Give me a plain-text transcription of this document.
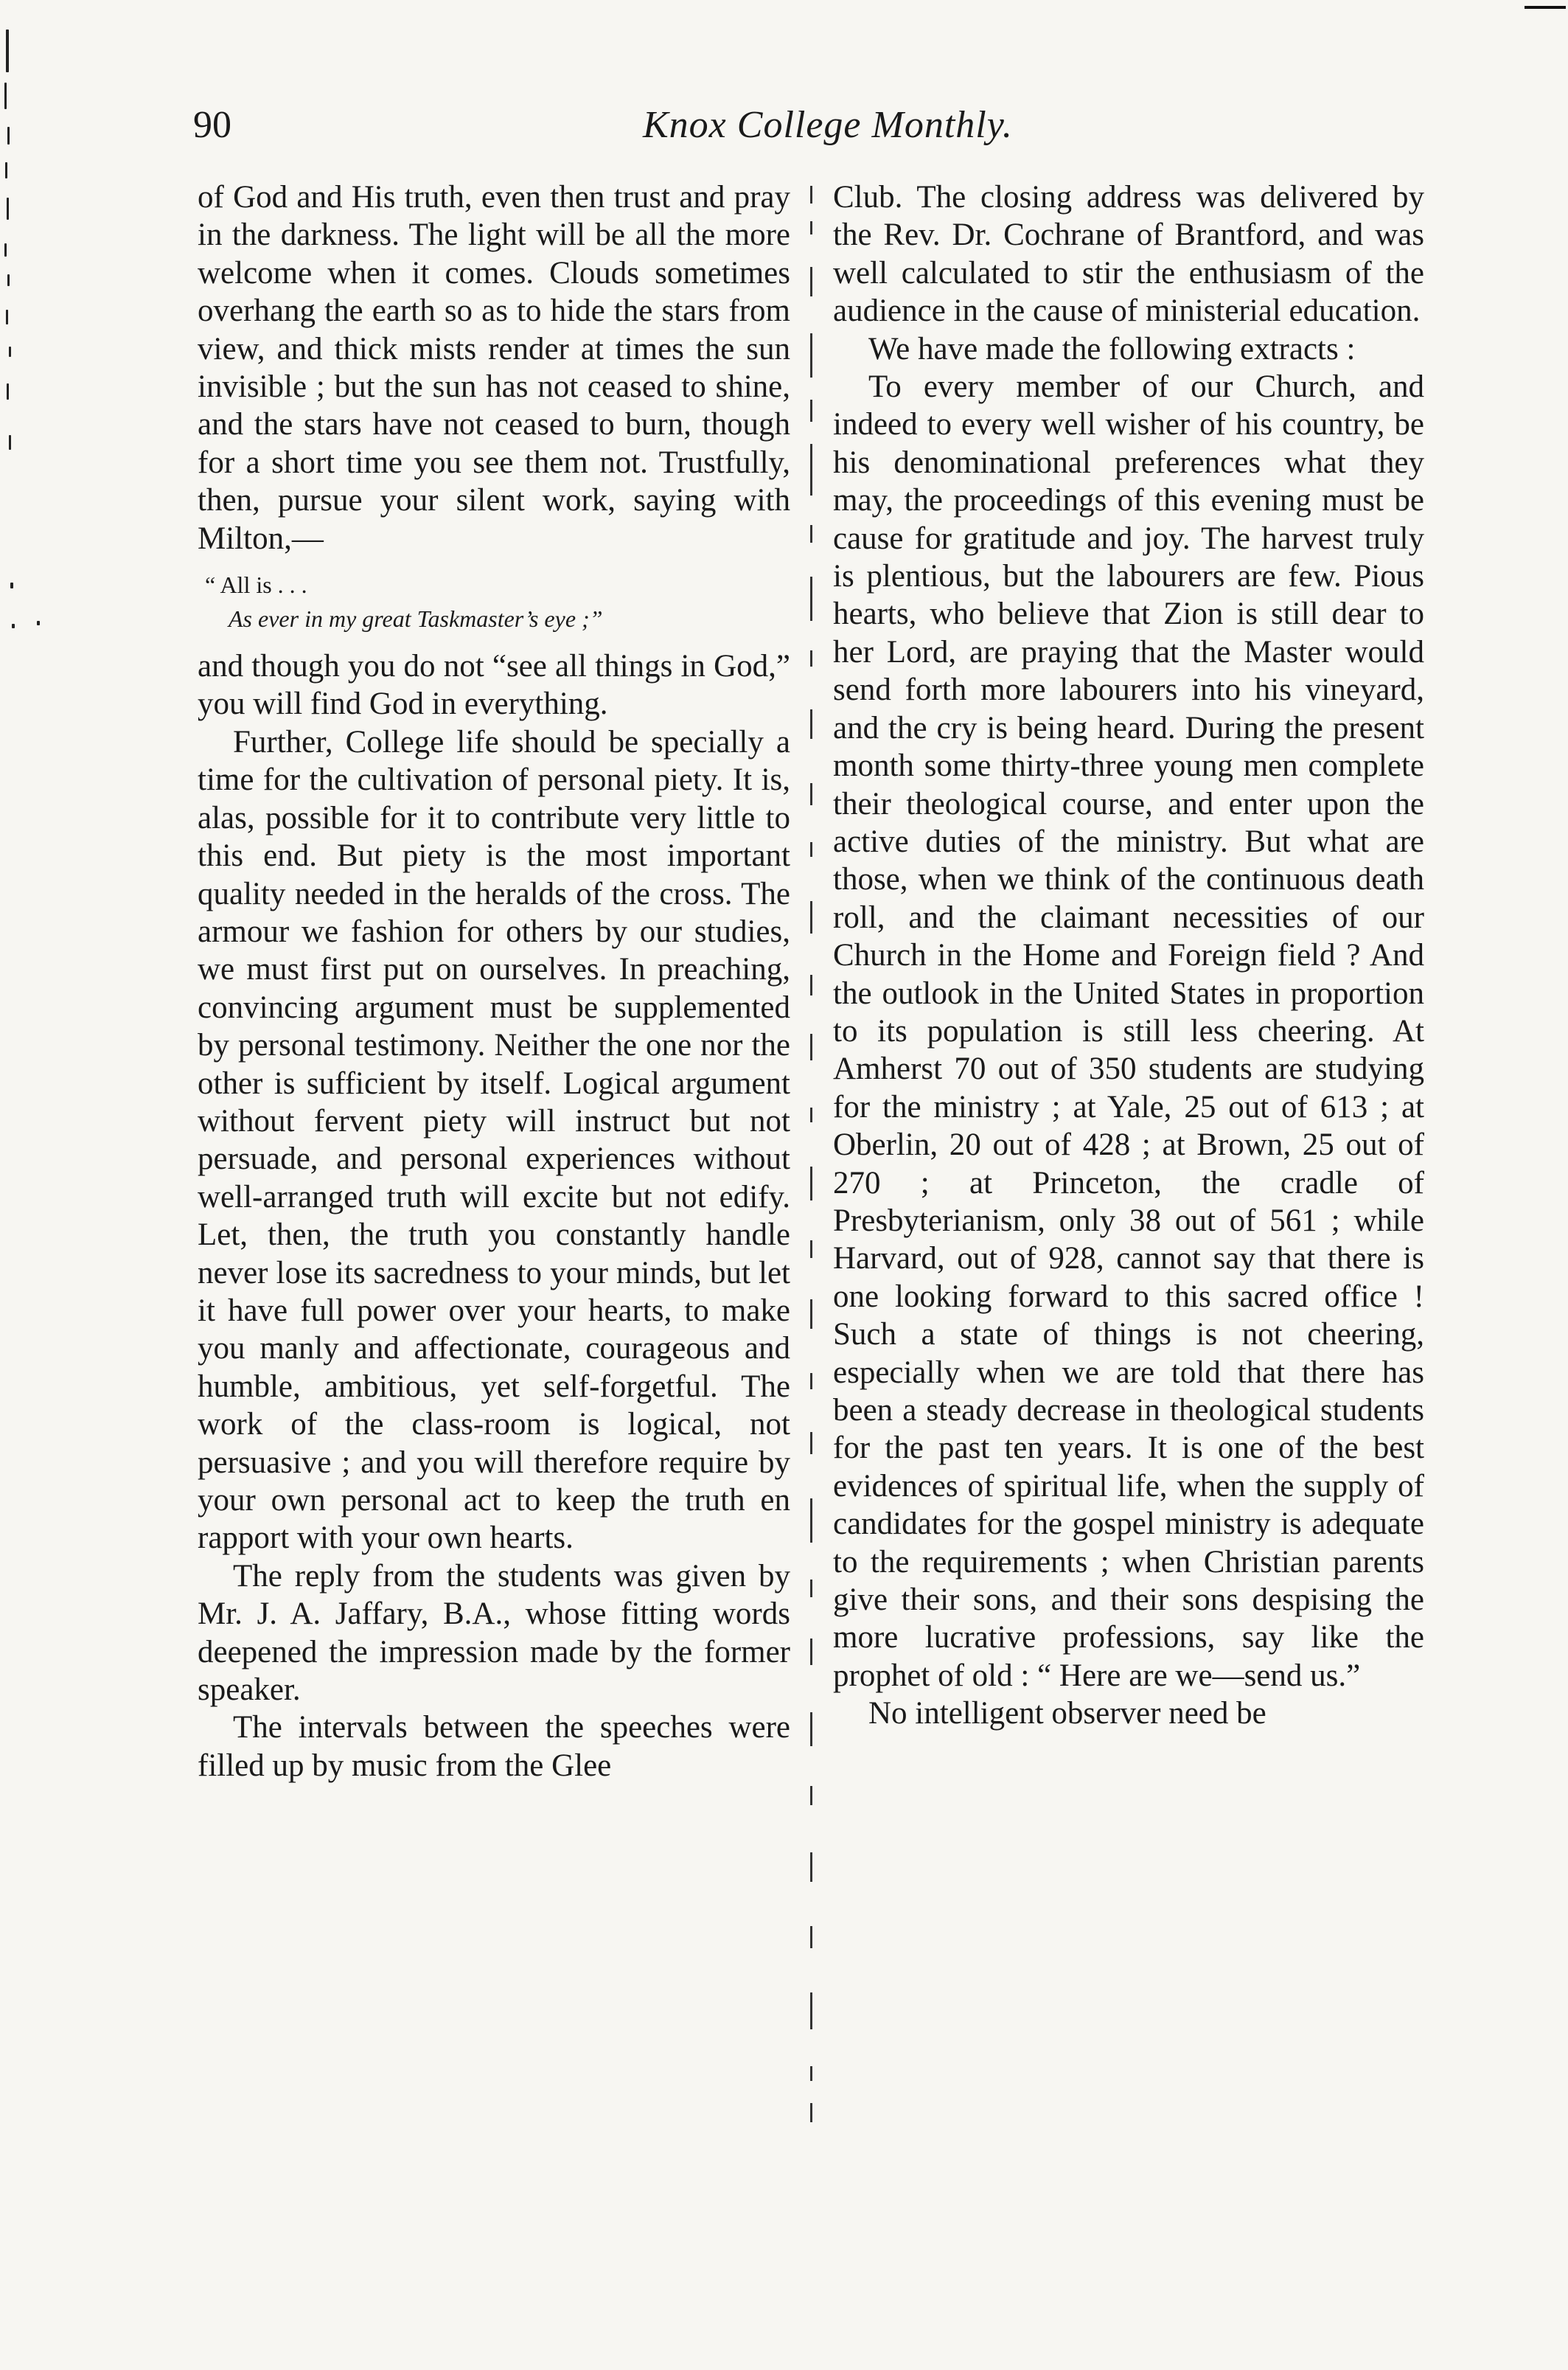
90	Knox College Monthly.

of God and His truth, even then trust and pray in the darkness. The light will be all the more welcome when it comes. Clouds sometimes overhang the earth so as to hide the stars from view, and thick mists render at times the sun invisible ; but the sun has not ceased to shine, and the stars have not ceased to burn, though for a short time you see them not. Trustfully, then, pursue your silent work, saying with Milton,—

“ All is . . .
As ever in my great Taskmaster’s eye ;”

and though you do not “see all things in God,” you will find God in everything.

Further, College life should be specially a time for the cultivation of personal piety. It is, alas, possible for it to contribute very little to this end. But piety is the most important quality needed in the heralds of the cross. The armour we fashion for others by our studies, we must first put on ourselves. In preaching, convincing argument must be supplemented by personal testimony. Neither the one nor the other is sufficient by itself. Logical argument without fervent piety will instruct but not persuade, and personal experiences without well-arranged truth will excite but not edify. Let, then, the truth you constantly handle never lose its sacredness to your minds, but let it have full power over your hearts, to make you manly and affectionate, courageous and humble, ambitious, yet self-forgetful. The work of the class-room is logical, not persuasive ; and you will therefore require by your own personal act to keep the truth en rapport with your own hearts.

The reply from the students was given by Mr. J. A. Jaffary, B.A., whose fitting words deepened the impression made by the former speaker.

The intervals between the speeches were filled up by music from the Glee

Club. The closing address was delivered by the Rev. Dr. Cochrane of Brantford, and was well calculated to stir the enthusiasm of the audience in the cause of ministerial education.

We have made the following extracts :

To every member of our Church, and indeed to every well wisher of his country, be his denominational preferences what they may, the proceedings of this evening must be cause for gratitude and joy. The harvest truly is plentious, but the labourers are few. Pious hearts, who believe that Zion is still dear to her Lord, are praying that the Master would send forth more labourers into his vineyard, and the cry is being heard. During the present month some thirty-three young men complete their theological course, and enter upon the active duties of the ministry. But what are those, when we think of the continuous death roll, and the claimant necessities of our Church in the Home and Foreign field ? And the outlook in the United States in proportion to its population is still less cheering. At Amherst 70 out of 350 students are studying for the ministry ; at Yale, 25 out of 613 ; at Oberlin, 20 out of 428 ; at Brown, 25 out of 270 ; at Princeton, the cradle of Presbyterianism, only 38 out of 561 ; while Harvard, out of 928, cannot say that there is one looking forward to this sacred office ! Such a state of things is not cheering, especially when we are told that there has been a steady decrease in theological students for the past ten years. It is one of the best evidences of spiritual life, when the supply of candidates for the gospel ministry is adequate to the requirements ; when Christian parents give their sons, and their sons despising the more lucrative professions, say like the prophet of old : “ Here are we—send us.”

No intelligent observer need be
